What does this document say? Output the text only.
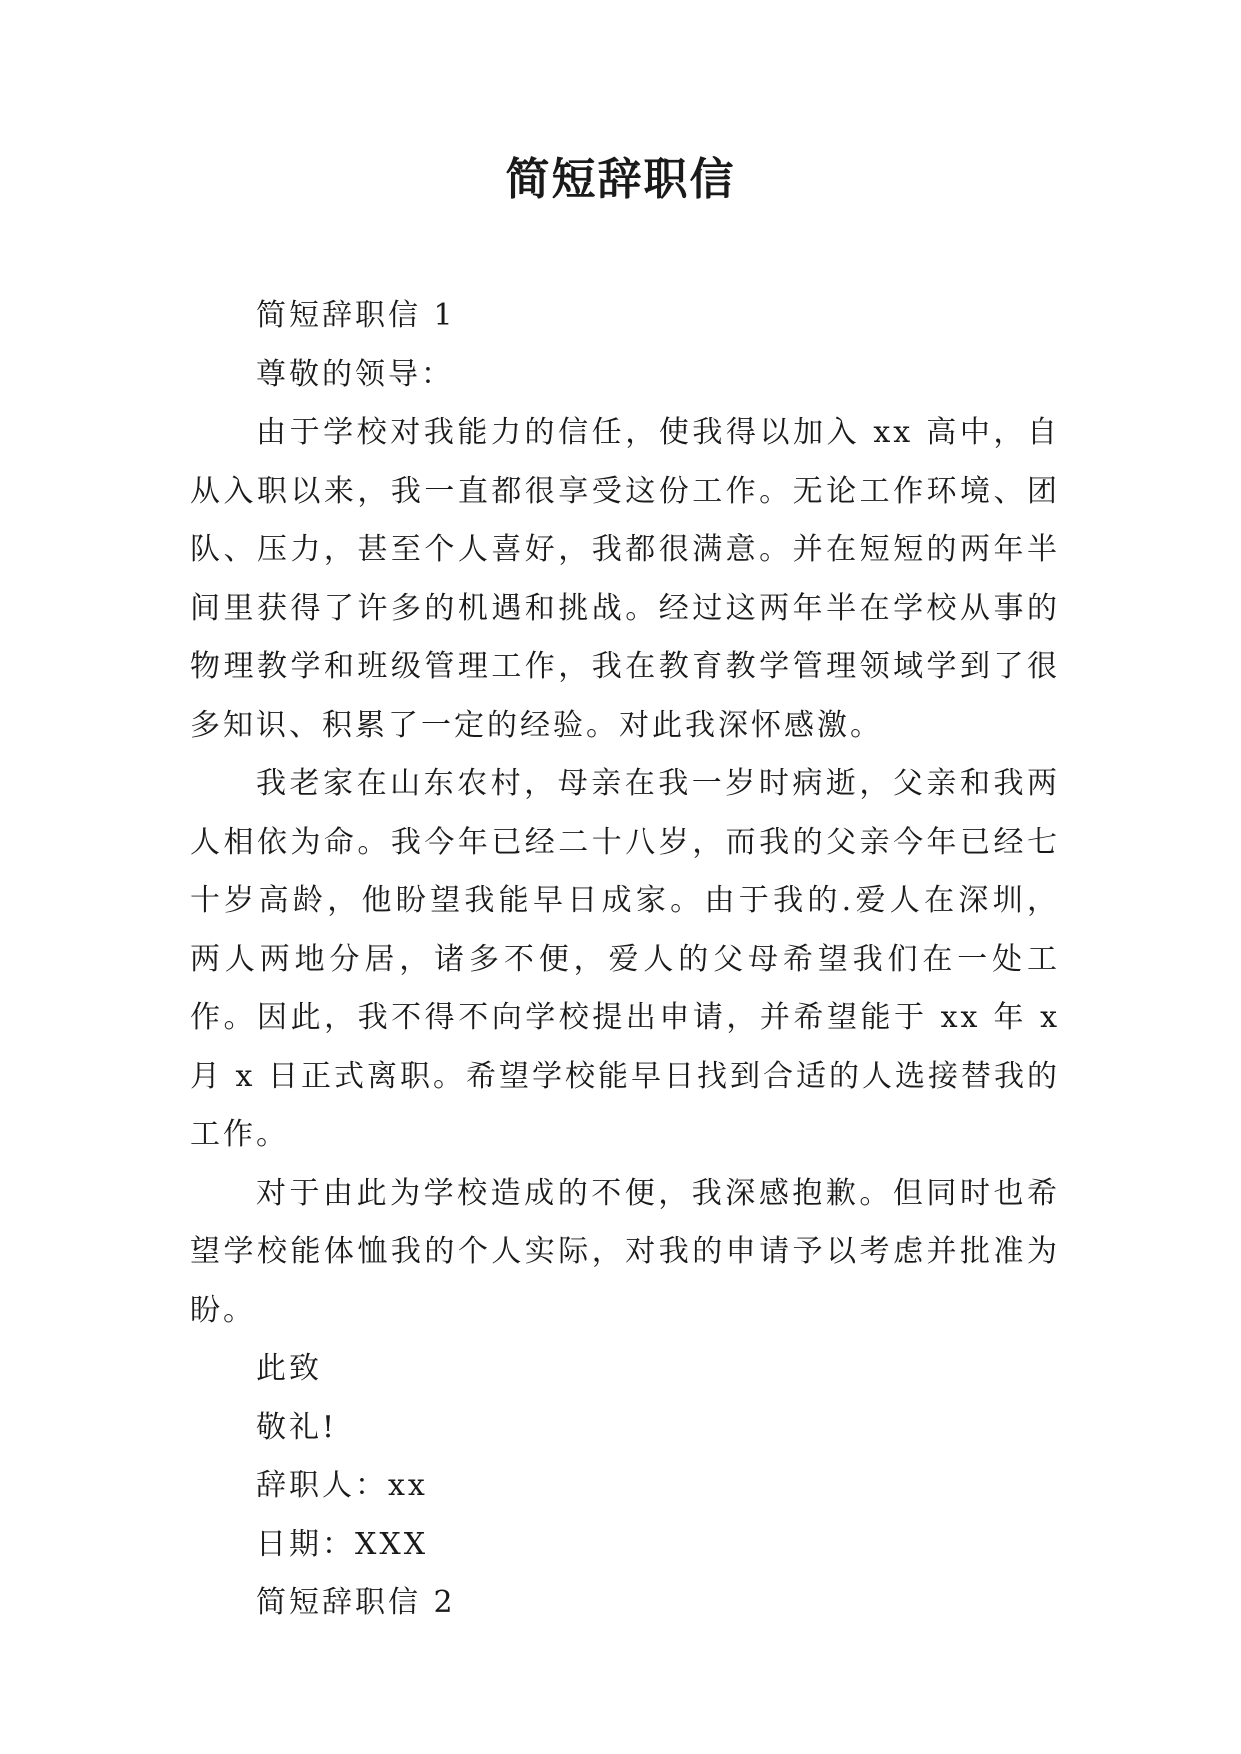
简短辞职信

简短辞职信 1

尊敬的领导：

由于学校对我能力的信任，使我得以加入 xx 高中，自从入职以来，我一直都很享受这份工作。无论工作环境、团队、压力，甚至个人喜好，我都很满意。并在短短的两年半间里获得了许多的机遇和挑战。经过这两年半在学校从事的物理教学和班级管理工作，我在教育教学管理领域学到了很多知识、积累了一定的经验。对此我深怀感激。

我老家在山东农村，母亲在我一岁时病逝，父亲和我两人相依为命。我今年已经二十八岁，而我的父亲今年已经七十岁高龄，他盼望我能早日成家。由于我的.爱人在深圳，两人两地分居，诸多不便，爱人的父母希望我们在一处工作。因此，我不得不向学校提出申请，并希望能于 xx 年 x 月 x 日正式离职。希望学校能早日找到合适的人选接替我的工作。

对于由此为学校造成的不便，我深感抱歉。但同时也希望学校能体恤我的个人实际，对我的申请予以考虑并批准为盼。

此致

敬礼!

辞职人：xx

日期：XXX

简短辞职信 2
